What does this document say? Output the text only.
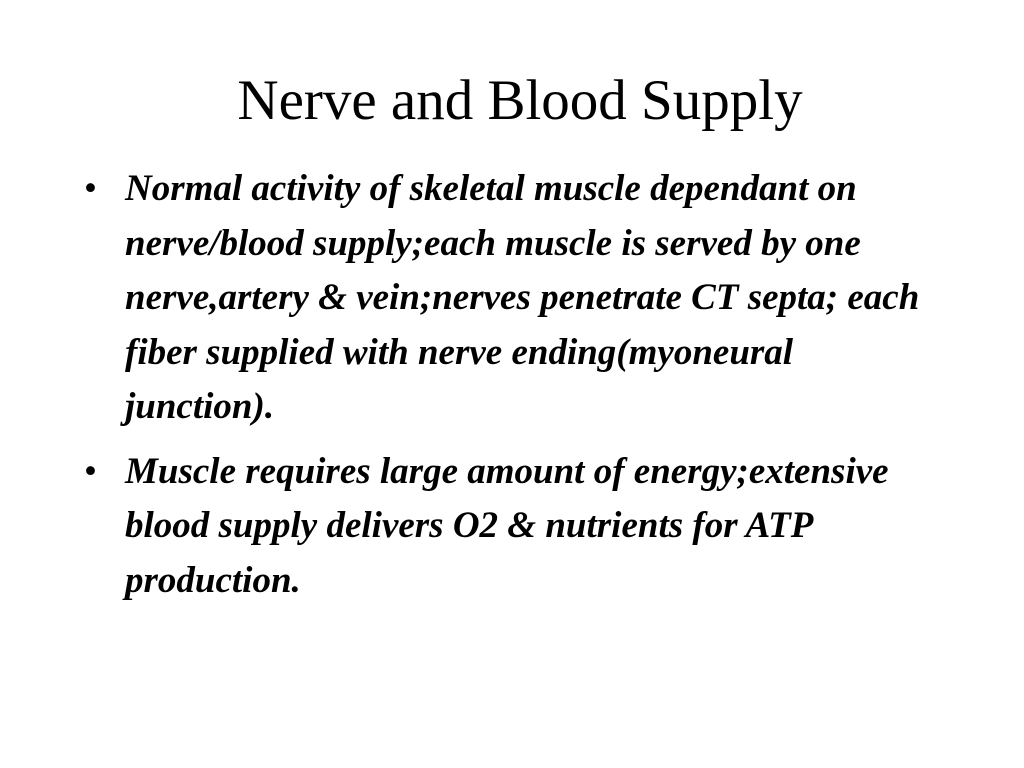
Nerve and Blood Supply
• Normal activity of skeletal muscle dependant on nerve/blood supply;each muscle is served by one nerve,artery & vein;nerves penetrate CT septa; each fiber supplied with nerve ending(myoneural junction).
• Muscle requires large amount of energy;extensive blood supply delivers O2 & nutrients for ATP production.
